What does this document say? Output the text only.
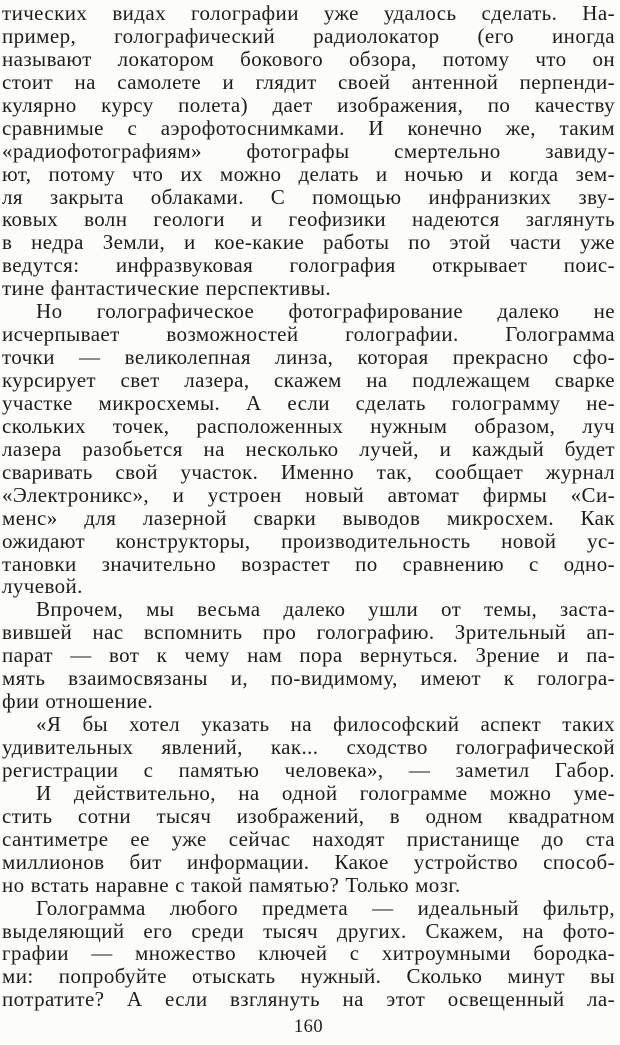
тических видах голографии уже удалось сделать. На-
пример, голографический радиолокатор (его иногда
называют локатором бокового обзора, потому что он
стоит на самолете и глядит своей антенной перпенди-
кулярно курсу полета) дает изображения, по качеству
сравнимые с аэрофотоснимками. И конечно же, таким
«радиофотографиям» фотографы смертельно завиду-
ют, потому что их можно делать и ночью и когда зем-
ля закрыта облаками. С помощью инфранизких зву-
ковых волн геологи и геофизики надеются заглянуть
в недра Земли, и кое-какие работы по этой части уже
ведутся: инфразвуковая голография открывает поис-
тине фантастические перспективы.
Но голографическое фотографирование далеко не
исчерпывает возможностей голографии. Голограмма
точки — великолепная линза, которая прекрасно сфо-
курсирует свет лазера, скажем на подлежащем сварке
участке микросхемы. А если сделать голограмму не-
скольких точек, расположенных нужным образом, луч
лазера разобьется на несколько лучей, и каждый будет
сваривать свой участок. Именно так, сообщает журнал
«Электроникс», и устроен новый автомат фирмы «Си-
менс» для лазерной сварки выводов микросхем. Как
ожидают конструкторы, производительность новой ус-
тановки значительно возрастет по сравнению с одно-
лучевой.
Впрочем, мы весьма далеко ушли от темы, заста-
вившей нас вспомнить про голографию. Зрительный ап-
парат — вот к чему нам пора вернуться. Зрение и па-
мять взаимосвязаны и, по-видимому, имеют к гологра-
фии отношение.
«Я бы хотел указать на философский аспект таких
удивительных явлений, как... сходство голографической
регистрации с памятью человека», — заметил Габор.
И действительно, на одной голограмме можно уме-
стить сотни тысяч изображений, в одном квадратном
сантиметре ее уже сейчас находят пристанище до ста
миллионов бит информации. Какое устройство способ-
но встать наравне с такой памятью? Только мозг.
Голограмма любого предмета — идеальный фильтр,
выделяющий его среди тысяч других. Скажем, на фото-
графии — множество ключей с хитроумными бородка-
ми: попробуйте отыскать нужный. Сколько минут вы
потратите? А если взглянуть на этот освещенный ла-
160
